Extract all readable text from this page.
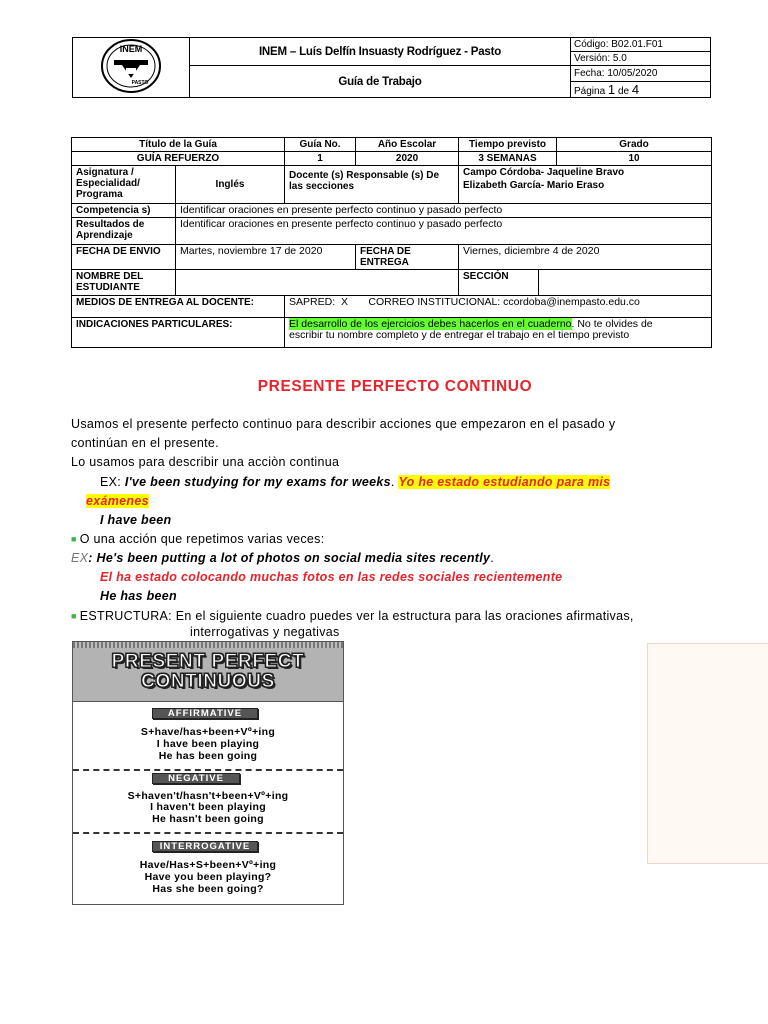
INEM
PASTO	INEM – Luís Delfín Insuasty Rodríguez - Pasto	Código: B02.01.F01
		Versión: 5.0
	Guía de Trabajo	Fecha: 10/05/2020
		Página 1 de 4
Título de la Guía		Guía No.	Año Escolar	Tiempo previsto		Grado
GUÍA REFUERZO		1	2020	3 SEMANAS		10
Asignatura / Especialidad/ Programa	Inglés	Docente (s) Responsable (s) De las secciones		Campo Córdoba- Jaqueline Bravo
Elizabeth García- Mario Eraso		

Competencia s)	Identificar oraciones en presente perfecto continuo y pasado perfecto					
Resultados de Aprendizaje	Identificar oraciones en presente perfecto continuo y pasado perfecto					
FECHA DE ENVIO	Martes, noviembre 17 de 2020		FECHA DE ENTREGA	Viernes, diciembre 4 de 2020		
NOMBRE DEL ESTUDIANTE				SECCIÓN		
MEDIOS DE ENTREGA AL DOCENTE:		SAPRED:  X       CORREO INSTITUCIONAL: ccordoba@inempasto.edu.co				
INDICACIONES PARTICULARES:		El desarrollo de los ejercicios debes hacerlos en el cuaderno. No te olvides de
escribir tu nombre completo y de entregar el trabajo en el tiempo previsto				
PRESENTE PERFECTO CONTINUO
Usamos el presente perfecto continuo para describir acciones que empezaron en el pasado y
continúan en el presente.
Lo usamos para describir una acciòn continua
EX: I've been studying for my exams for weeks. Yo he estado estudiando para mis
exámenes
I have been
■ O una acción que repetimos varias veces:
EX: He's been putting a lot of photos on social media sites recently.
El ha estado colocando muchas fotos en las redes sociales recientemente
He has been
■ ESTRUCTURA: En el siguiente cuadro puedes ver la estructura para las oraciones afirmativas,
interrogativas y negativas
PRESENT PERFECT
CONTINUOUS
AFFIRMATIVE
S+have/has+been+Vº+ing
I have been playing
He has been going
NEGATIVE
S+haven't/hasn't+been+Vº+ing
I haven't been playing
He hasn't been going
INTERROGATIVE
Have/Has+S+been+Vº+ing
Have you been playing?
Has she been going?
